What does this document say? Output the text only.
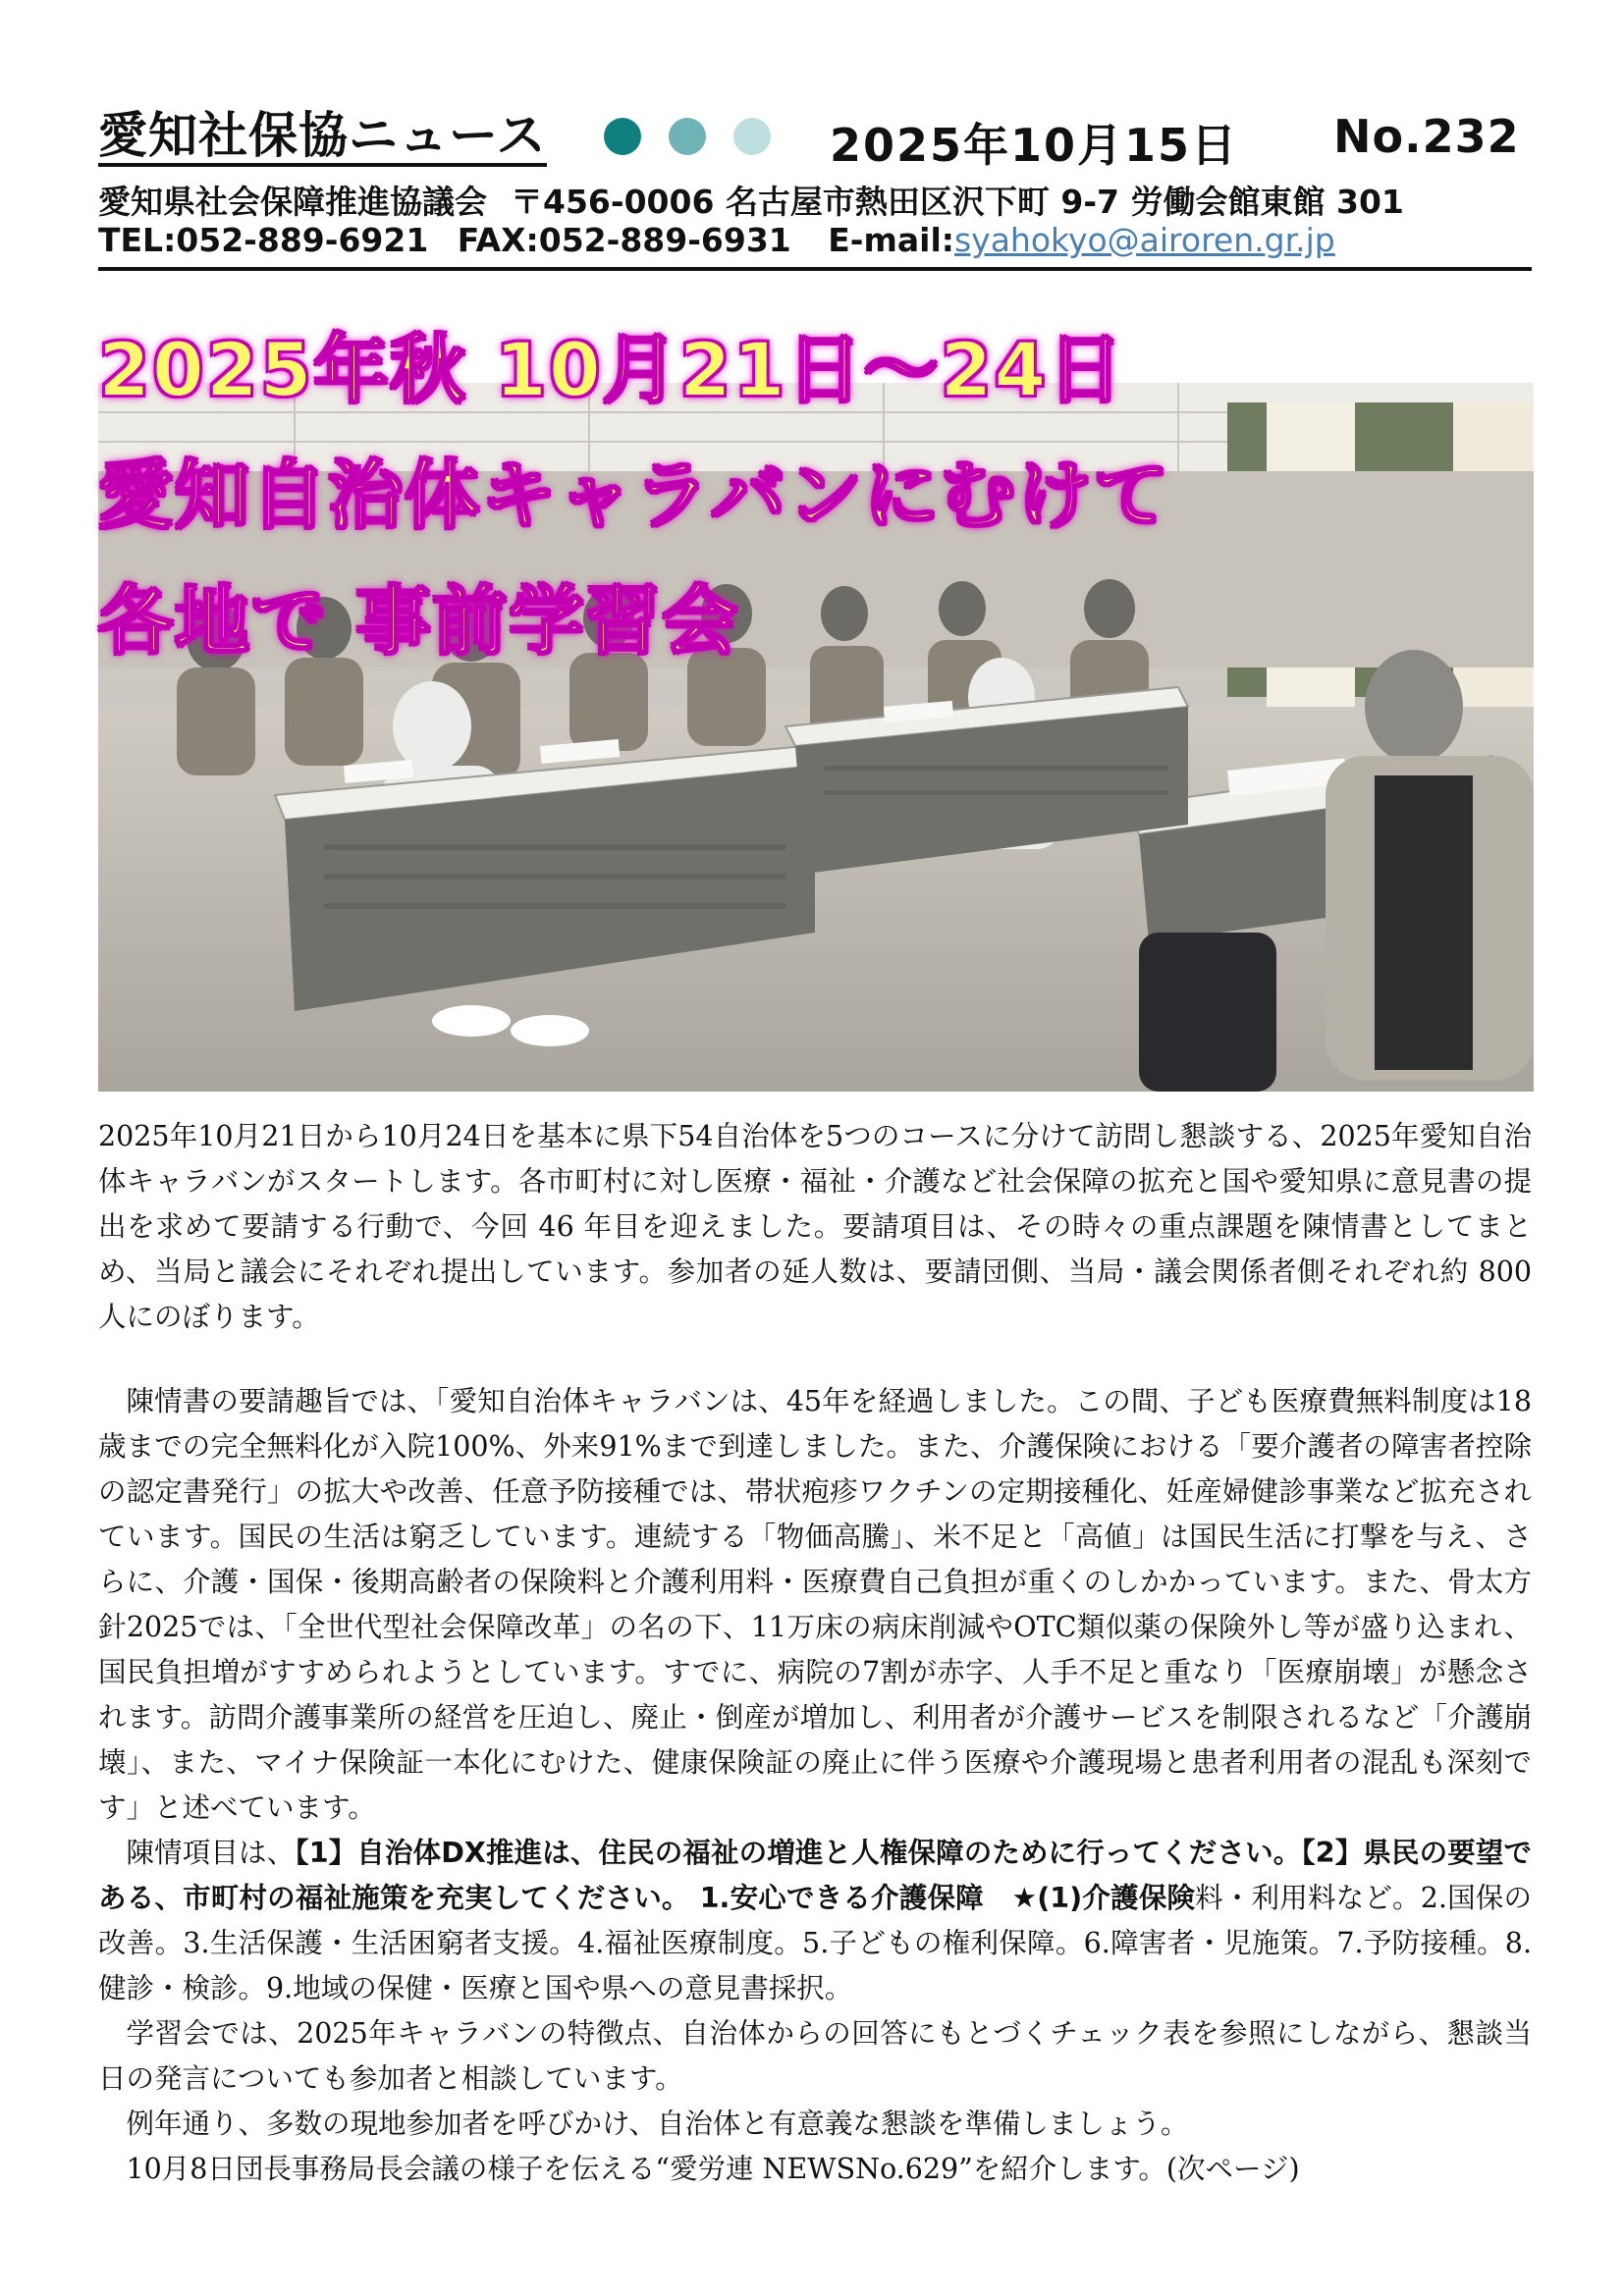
愛知社保協ニュース	2025年10月15日 No.232
愛知県社会保障推進協議会 〒456-0006 名古屋市熱田区沢下町 9-7 労働会館東館 301
TEL:052-889-6921 FAX:052-889-6931 E-mail:syahokyo@airoren.gr.jp
2025年秋 10月21日～24日
愛知自治体キャラバンにむけて
各地で 事前学習会

2025年10月21日から10月24日を基本に県下54自治体を5つのコースに分けて訪問し懇談する、2025年愛知自治体キャラバンがスタートします。各市町村に対し医療・福祉・介護など社会保障の拡充と国や愛知県に意見書の提出を求めて要請する行動で、今回 46 年目を迎えました。要請項目は、その時々の重点課題を陳情書としてまとめ、当局と議会にそれぞれ提出しています。参加者の延人数は、要請団側、当局・議会関係者側それぞれ約 800 人にのぼります。

陳情書の要請趣旨では、「愛知自治体キャラバンは、45年を経過しました。この間、子ども医療費無料制度は18歳までの完全無料化が入院100%、外来91%まで到達しました。また、介護保険における「要介護者の障害者控除の認定書発行」の拡大や改善、任意予防接種では、帯状疱疹ワクチンの定期接種化、妊産婦健診事業など拡充されています。国民の生活は窮乏しています。連続する「物価高騰」、米不足と「高値」は国民生活に打撃を与え、さらに、介護・国保・後期高齢者の保険料と介護利用料・医療費自己負担が重くのしかかっています。また、骨太方針2025では、「全世代型社会保障改革」の名の下、11万床の病床削減やOTC類似薬の保険外し等が盛り込まれ、国民負担増がすすめられようとしています。すでに、病院の7割が赤字、人手不足と重なり「医療崩壊」が懸念されます。訪問介護事業所の経営を圧迫し、廃止・倒産が増加し、利用者が介護サービスを制限されるなど「介護崩壊」、また、マイナ保険証一本化にむけた、健康保険証の廃止に伴う医療や介護現場と患者利用者の混乱も深刻です」と述べています。

陳情項目は、【1】自治体DX推進は、住民の福祉の増進と人権保障のために行ってください。【2】県民の要望である、市町村の福祉施策を充実してください。 1.安心できる介護保障　★(1)介護保険料・利用料など。2.国保の改善。3.生活保護・生活困窮者支援。4.福祉医療制度。5.子どもの権利保障。6.障害者・児施策。7.予防接種。8.健診・検診。9.地域の保健・医療と国や県への意見書採択。

学習会では、2025年キャラバンの特徴点、自治体からの回答にもとづくチェック表を参照にしながら、懇談当日の発言についても参加者と相談しています。

例年通り、多数の現地参加者を呼びかけ、自治体と有意義な懇談を準備しましょう。

10月8日団長事務局長会議の様子を伝える“愛労連 NEWSNo.629”を紹介します。(次ページ)
